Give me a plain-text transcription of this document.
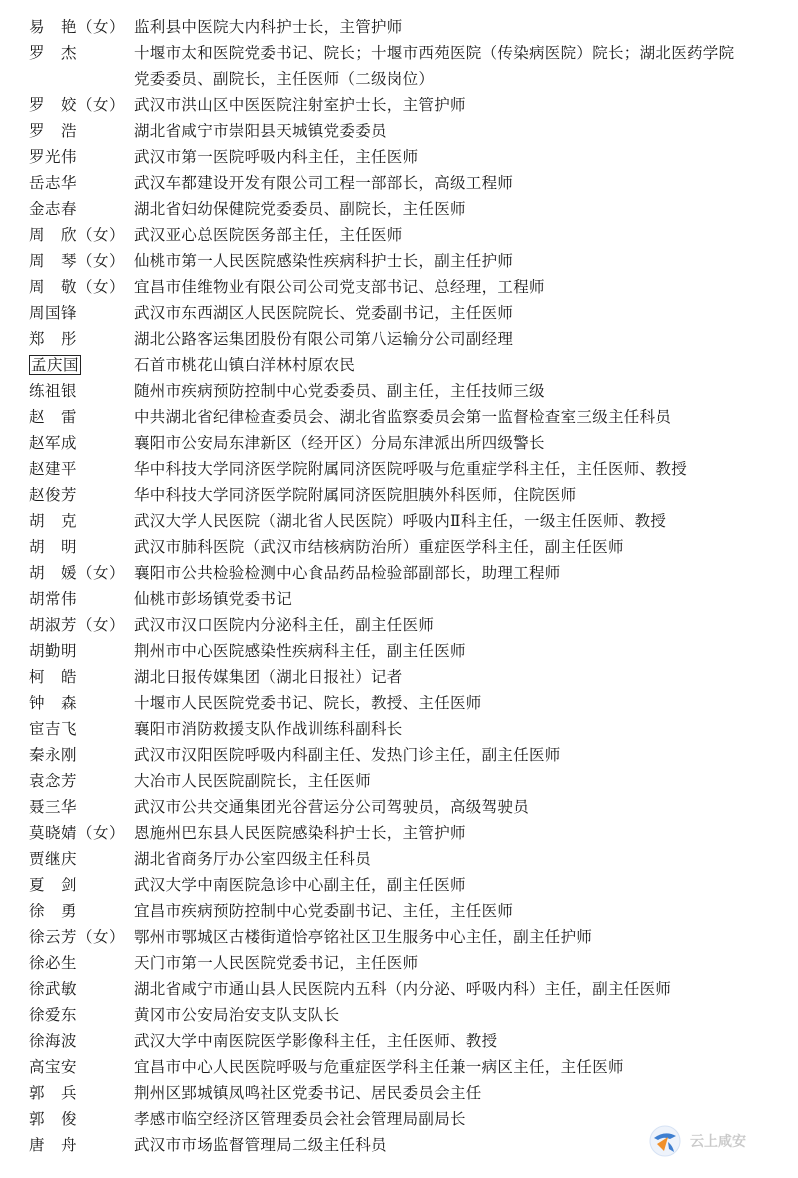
易　艳（女） 监利县中医院大内科护士长，主管护师
罗　杰	十堰市太和医院党委书记、院长；十堰市西苑医院（传染病医院）院长；湖北医药学院党委委员、副院长，主任医师（二级岗位）
罗　姣（女） 武汉市洪山区中医医院注射室护士长，主管护师
罗　浩	湖北省咸宁市崇阳县天城镇党委委员
罗光伟	武汉市第一医院呼吸内科主任，主任医师
岳志华	武汉车都建设开发有限公司工程一部部长，高级工程师
金志春	湖北省妇幼保健院党委委员、副院长，主任医师
周　欣（女） 武汉亚心总医院医务部主任，主任医师
周　琴（女） 仙桃市第一人民医院感染性疾病科护士长，副主任护师
周　敬（女） 宜昌市佳维物业有限公司公司党支部书记、总经理，工程师
周国锋	武汉市东西湖区人民医院院长、党委副书记，主任医师
郑　彤	湖北公路客运集团股份有限公司第八运输分公司副经理
孟庆国	石首市桃花山镇白洋林村原农民
练祖银	随州市疾病预防控制中心党委委员、副主任，主任技师三级
赵　雷	中共湖北省纪律检查委员会、湖北省监察委员会第一监督检查室三级主任科员
赵军成	襄阳市公安局东津新区（经开区）分局东津派出所四级警长
赵建平	华中科技大学同济医学院附属同济医院呼吸与危重症学科主任，主任医师、教授
赵俊芳	华中科技大学同济医学院附属同济医院胆胰外科医师，住院医师
胡　克	武汉大学人民医院（湖北省人民医院）呼吸内Ⅱ科主任，一级主任医师、教授
胡　明	武汉市肺科医院（武汉市结核病防治所）重症医学科主任，副主任医师
胡　媛（女） 襄阳市公共检验检测中心食品药品检验部副部长，助理工程师
胡常伟	仙桃市彭场镇党委书记
胡淑芳（女） 武汉市汉口医院内分泌科主任，副主任医师
胡勤明	荆州市中心医院感染性疾病科主任，副主任医师
柯　皓	湖北日报传媒集团（湖北日报社）记者
钟　森	十堰市人民医院党委书记、院长，教授、主任医师
宦吉飞	襄阳市消防救援支队作战训练科副科长
秦永刚	武汉市汉阳医院呼吸内科副主任、发热门诊主任，副主任医师
袁念芳	大冶市人民医院副院长，主任医师
聂三华	武汉市公共交通集团光谷营运分公司驾驶员，高级驾驶员
莫晓婧（女） 恩施州巴东县人民医院感染科护士长，主管护师
贾继庆	湖北省商务厅办公室四级主任科员
夏　剑	武汉大学中南医院急诊中心副主任，副主任医师
徐　勇	宜昌市疾病预防控制中心党委副书记、主任，主任医师
徐云芳（女） 鄂州市鄂城区古楼街道恰亭铭社区卫生服务中心主任，副主任护师
徐必生	天门市第一人民医院党委书记，主任医师
徐武敏	湖北省咸宁市通山县人民医院内五科（内分泌、呼吸内科）主任，副主任医师
徐爱东	黄冈市公安局治安支队支队长
徐海波	武汉大学中南医院医学影像科主任，主任医师、教授
高宝安	宜昌市中心人民医院呼吸与危重症医学科主任兼一病区主任，主任医师
郭　兵	荆州区郢城镇凤鸣社区党委书记、居民委员会主任
郭　俊	孝感市临空经济区管理委员会社会管理局副局长
唐　舟	武汉市市场监督管理局二级主任科员	云上咸安
